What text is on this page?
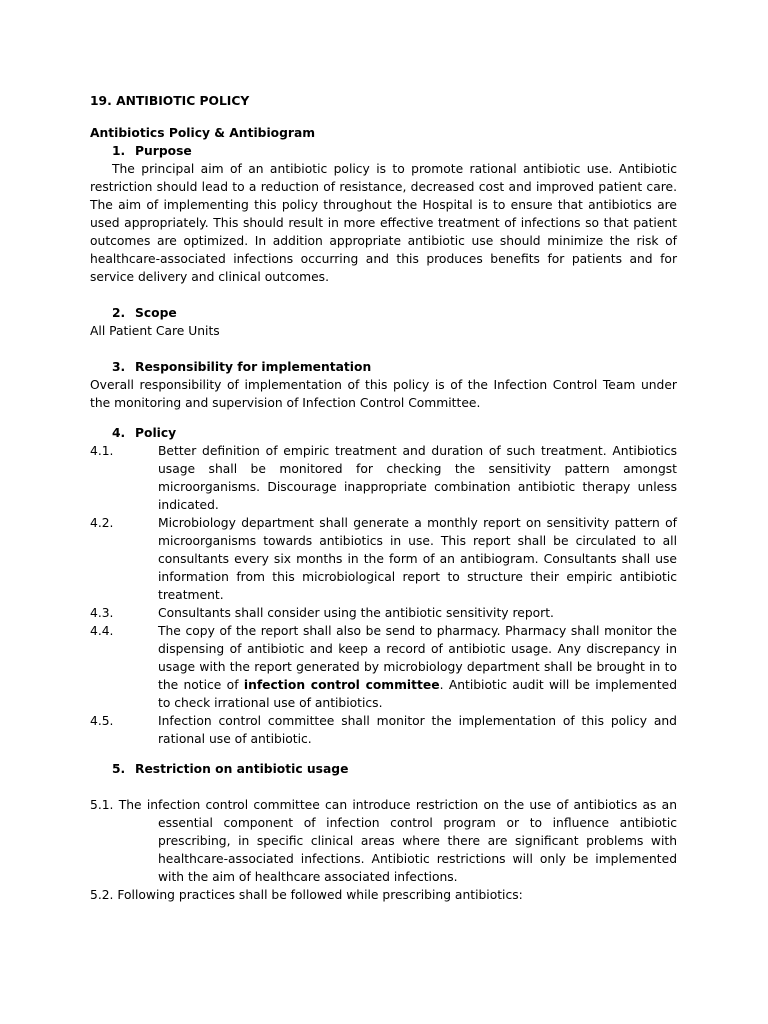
19. ANTIBIOTIC POLICY

Antibiotics Policy & Antibiogram

1. Purpose

The principal aim of an antibiotic policy is to promote rational antibiotic use. Antibiotic restriction should lead to a reduction of resistance, decreased cost and improved patient care. The aim of implementing this policy throughout the Hospital is to ensure that antibiotics are used appropriately. This should result in more effective treatment of infections so that patient outcomes are optimized. In addition appropriate antibiotic use should minimize the risk of healthcare-associated infections occurring and this produces benefits for patients and for service delivery and clinical outcomes.

2. Scope

All Patient Care Units

3. Responsibility for implementation

Overall responsibility of implementation of this policy is of the Infection Control Team under the monitoring and supervision of Infection Control Committee.

4. Policy

4.1.	Better definition of empiric treatment and duration of such treatment. Antibiotics usage shall be monitored for checking the sensitivity pattern amongst microorganisms. Discourage inappropriate combination antibiotic therapy unless indicated.
4.2.	Microbiology department shall generate a monthly report on sensitivity pattern of microorganisms towards antibiotics in use. This report shall be circulated to all consultants every six months in the form of an antibiogram. Consultants shall use information from this microbiological report to structure their empiric antibiotic treatment.
4.3.	Consultants shall consider using the antibiotic sensitivity report.
4.4.	The copy of the report shall also be send to pharmacy. Pharmacy shall monitor the dispensing of antibiotic and keep a record of antibiotic usage. Any discrepancy in usage with the report generated by microbiology department shall be brought in to the notice of infection control committee. Antibiotic audit will be implemented to check irrational use of antibiotics.
4.5.	Infection control committee shall monitor the implementation of this policy and rational use of antibiotic.

5. Restriction on antibiotic usage

5.1. The infection control committee can introduce restriction on the use of antibiotics as an essential component of infection control program or to influence antibiotic prescribing, in specific clinical areas where there are significant problems with healthcare-associated infections. Antibiotic restrictions will only be implemented with the aim of healthcare associated infections.

5.2. Following practices shall be followed while prescribing antibiotics:
